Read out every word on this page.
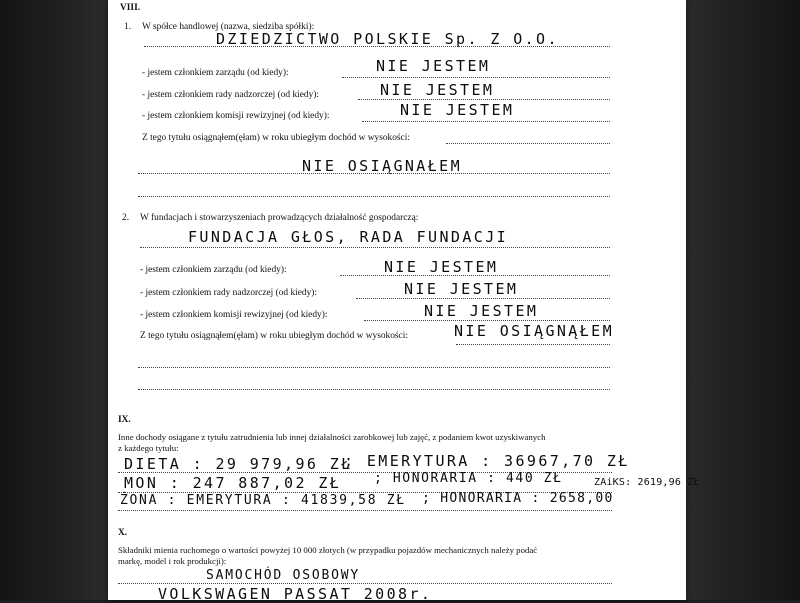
VIII.
1. W spółce handlowej (nazwa, siedziba spółki):
DZIEDZICTWO POLSKIE Sp. Z O.O.
- jestem członkiem zarządu (od kiedy):	NIE JESTEM
- jestem członkiem rady nadzorczej (od kiedy):	NIE JESTEM
- jestem członkiem komisji rewizyjnej (od kiedy):	NIE JESTEM
Z tego tytułu osiągnąłem(ęłam) w roku ubiegłym dochód w wysokości:
NIE OSIĄGNAŁEM
2. W fundacjach i stowarzyszeniach prowadzących działalność gospodarczą:
FUNDACJA GŁOS, RADA FUNDACJI
- jestem członkiem zarządu (od kiedy):	NIE JESTEM
- jestem członkiem rady nadzorczej (od kiedy):	NIE JESTEM
- jestem członkiem komisji rewizyjnej (od kiedy):	NIE JESTEM
Z tego tytułu osiągnąłem(ęłam) w roku ubiegłym dochód w wysokości:	NIE OSIĄGNĄŁEM
IX.
Inne dochody osiągane z tytułu zatrudnienia lub innej działalności zarobkowej lub zajęć, z podaniem kwot uzyskiwanych
z każdego tytułu:
DIETA : 29 979,96 ZŁ
; EMERYTURA : 36967,70 ZŁ
MON : 247 887,02 ZŁ	; HONORARIA : 440 ZŁ	ZAiKS: 2619,96 ZŁ
ŻONA : EMERYTURA : 41839,58 ZŁ ; HONORARIA : 2658,00
X.
Składniki mienia ruchomego o wartości powyżej 10 000 złotych (w przypadku pojazdów mechanicznych należy podać
markę, model i rok produkcji):
SAMOCHÓD OSOBOWY
VOLKSWAGEN PASSAT 2008r.
